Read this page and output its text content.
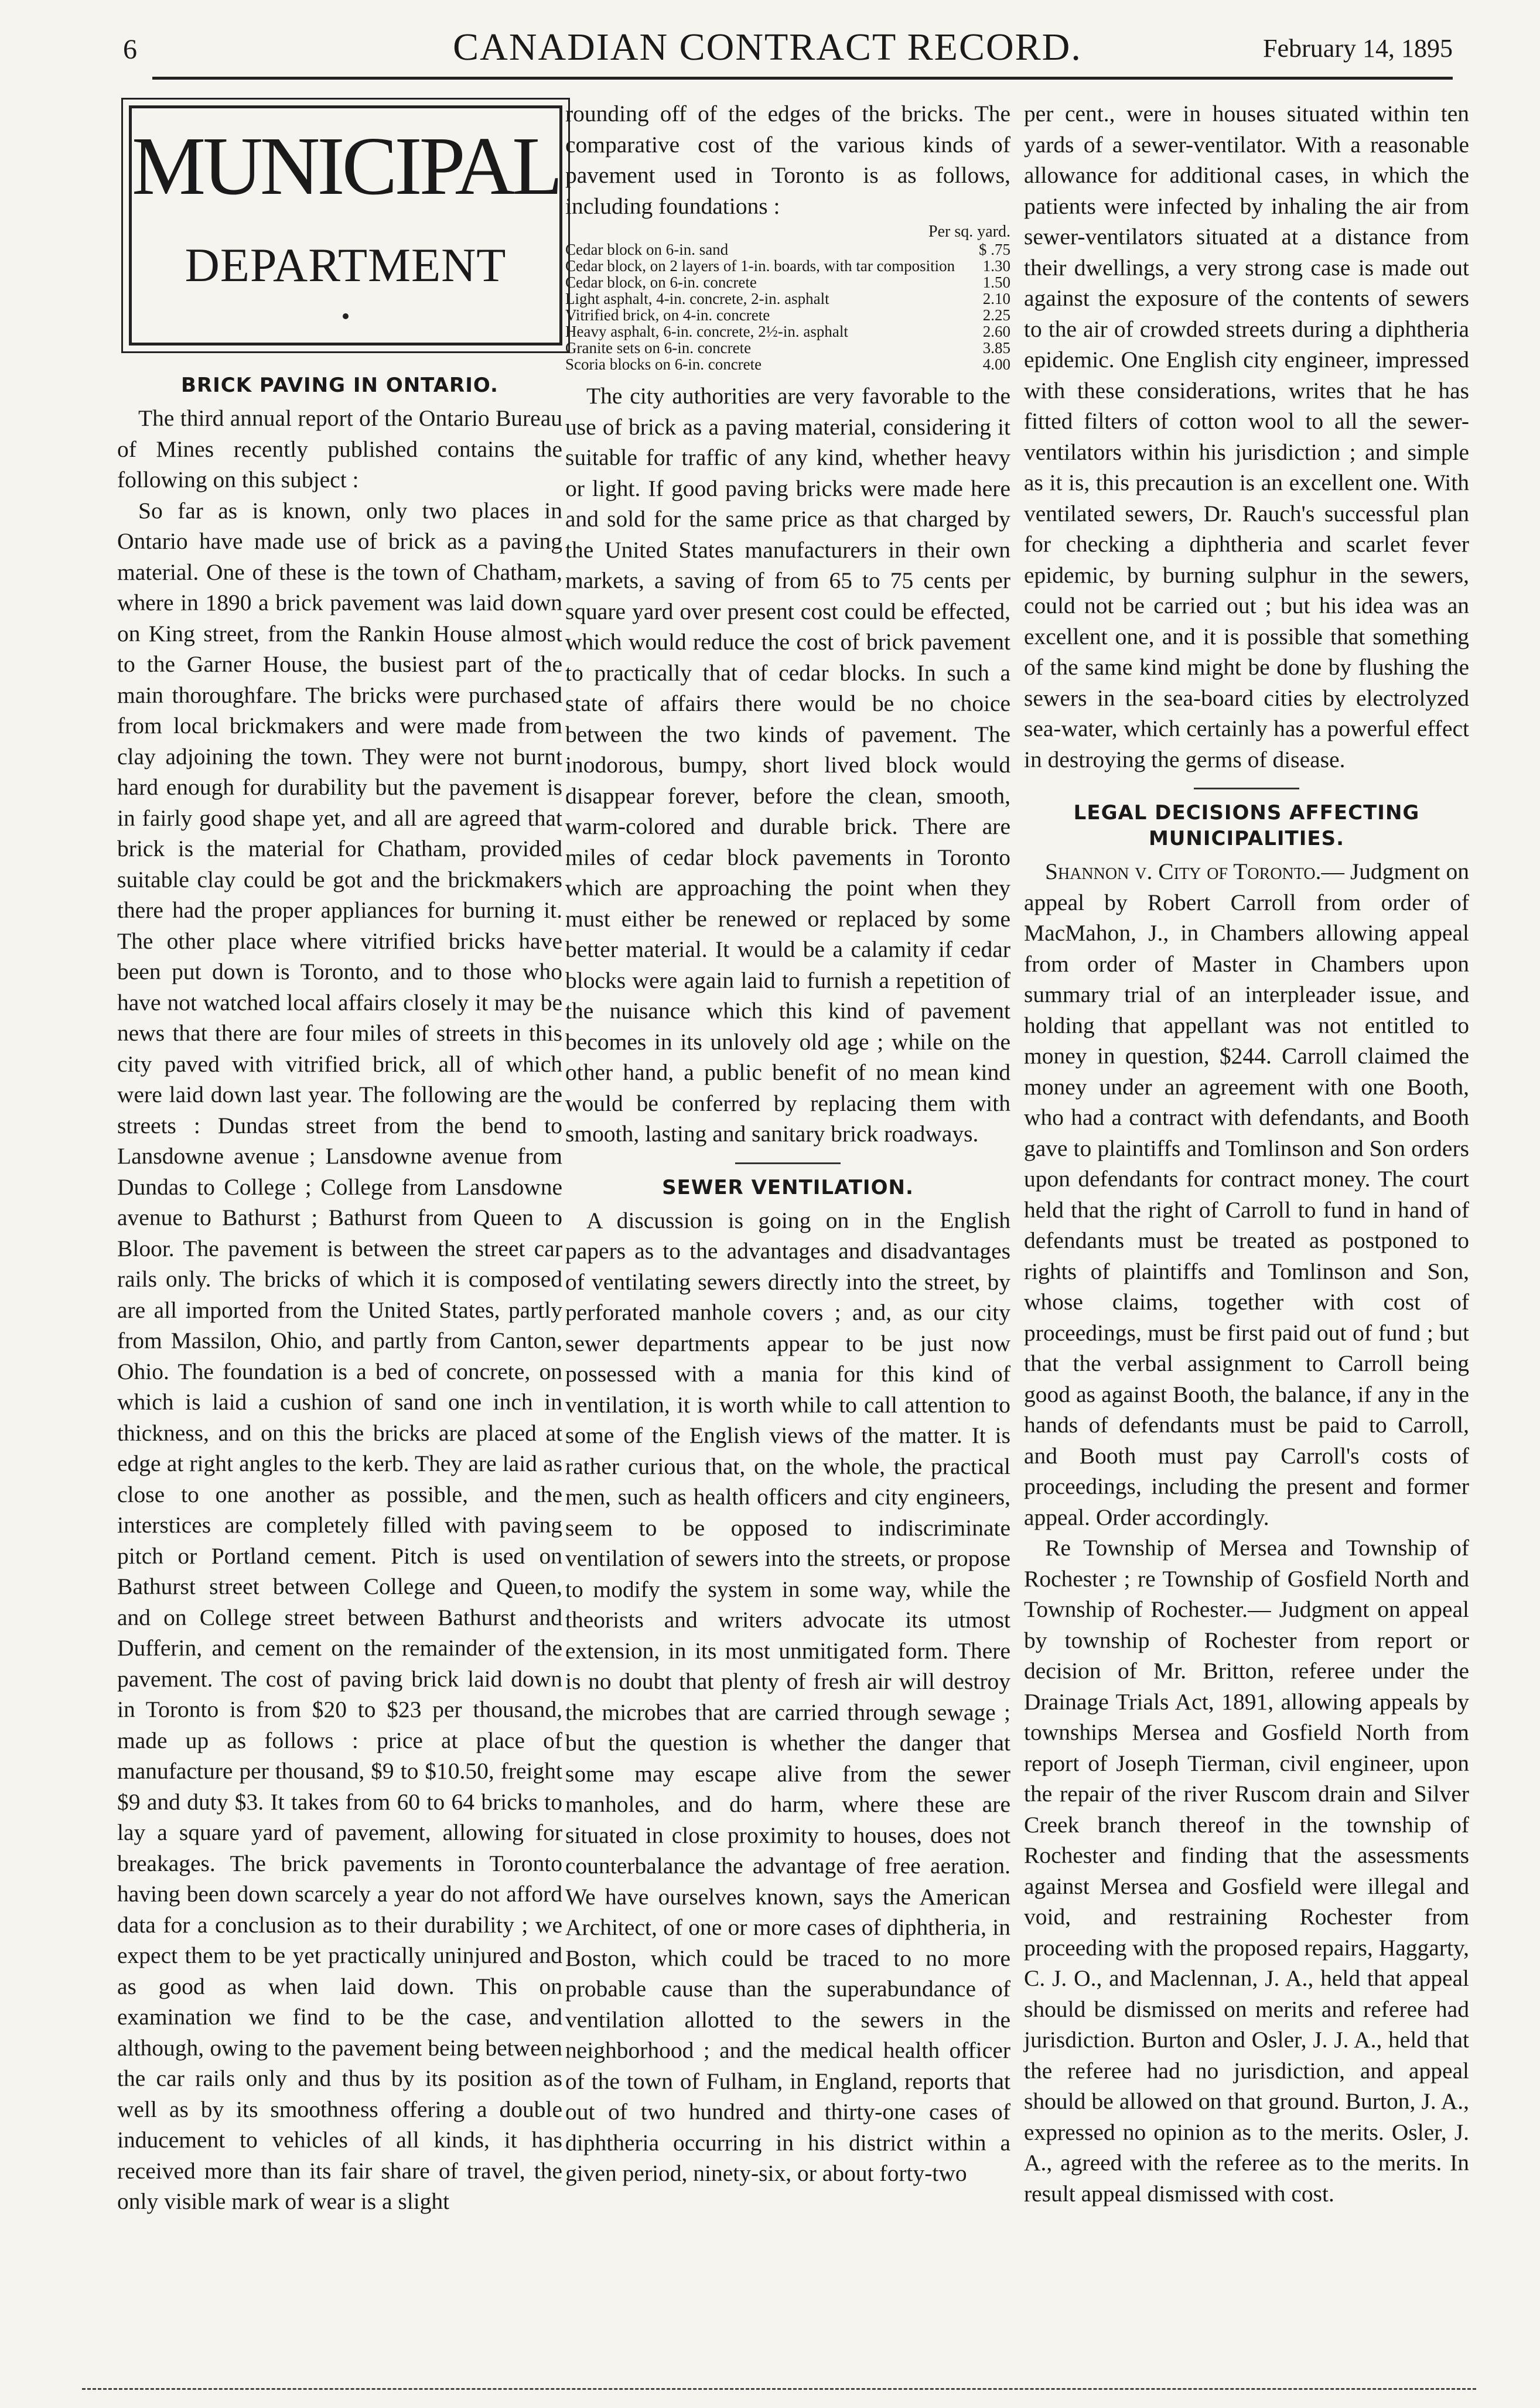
6	CANADIAN CONTRACT RECORD.	February 14, 1895
MUNICIPAL
DEPARTMENT
BRICK PAVING IN ONTARIO.

The third annual report of the Ontario Bureau of Mines recently published contains the following on this subject :

So far as is known, only two places in Ontario have made use of brick as a paving material. One of these is the town of Chatham, where in 1890 a brick pavement was laid down on King street, from the Rankin House almost to the Garner House, the busiest part of the main thoroughfare. The bricks were purchased from local brickmakers and were made from clay adjoining the town. They were not burnt hard enough for durability but the pavement is in fairly good shape yet, and all are agreed that brick is the material for Chatham, provided suitable clay could be got and the brickmakers there had the proper appliances for burning it. The other place where vitrified bricks have been put down is Toronto, and to those who have not watched local affairs closely it may be news that there are four miles of streets in this city paved with vitrified brick, all of which were laid down last year. The following are the streets : Dundas street from the bend to Lansdowne avenue ; Lansdowne avenue from Dundas to College ; College from Lansdowne avenue to Bathurst ; Bathurst from Queen to Bloor. The pavement is between the street car rails only. The bricks of which it is composed are all imported from the United States, partly from Massilon, Ohio, and partly from Canton, Ohio. The foundation is a bed of concrete, on which is laid a cushion of sand one inch in thickness, and on this the bricks are placed at edge at right angles to the kerb. They are laid as close to one another as possible, and the interstices are completely filled with paving pitch or Portland cement. Pitch is used on Bathurst street between College and Queen, and on College street between Bathurst and Dufferin, and cement on the remainder of the pavement. The cost of paving brick laid down in Toronto is from $20 to $23 per thousand, made up as follows : price at place of manufacture per thousand, $9 to $10.50, freight $9 and duty $3. It takes from 60 to 64 bricks to lay a square yard of pavement, allowing for breakages. The brick pavements in Toronto having been down scarcely a year do not afford data for a conclusion as to their durability ; we expect them to be yet practically uninjured and as good as when laid down. This on examination we find to be the case, and although, owing to the pavement being between the car rails only and thus by its position as well as by its smoothness offering a double inducement to vehicles of all kinds, it has received more than its fair share of travel, the only visible mark of wear is a slight

rounding off of the edges of the bricks. The comparative cost of the various kinds of pavement used in Toronto is as follows, including foundations :

Per sq. yard.
Cedar block on 6-in. sand	$ .75
Cedar block, on 2 layers of 1-in. boards, with tar composition	1.30
Cedar block, on 6-in. concrete	1.50
Light asphalt, 4-in. concrete, 2-in. asphalt	2.10
Vitrified brick, on 4-in. concrete	2.25
Heavy asphalt, 6-in. concrete, 2½-in. asphalt	2.60
Granite sets on 6-in. concrete	3.85
Scoria blocks on 6-in. concrete	4.00

The city authorities are very favorable to the use of brick as a paving material, considering it suitable for traffic of any kind, whether heavy or light. If good paving bricks were made here and sold for the same price as that charged by the United States manufacturers in their own markets, a saving of from 65 to 75 cents per square yard over present cost could be effected, which would reduce the cost of brick pavement to practically that of cedar blocks. In such a state of affairs there would be no choice between the two kinds of pavement. The inodorous, bumpy, short lived block would disappear forever, before the clean, smooth, warm-colored and durable brick. There are miles of cedar block pavements in Toronto which are approaching the point when they must either be renewed or replaced by some better material. It would be a calamity if cedar blocks were again laid to furnish a repetition of the nuisance which this kind of pavement becomes in its unlovely old age ; while on the other hand, a public benefit of no mean kind would be conferred by replacing them with smooth, lasting and sanitary brick roadways.

SEWER VENTILATION.

A discussion is going on in the English papers as to the advantages and disadvantages of ventilating sewers directly into the street, by perforated manhole covers ; and, as our city sewer departments appear to be just now possessed with a mania for this kind of ventilation, it is worth while to call attention to some of the English views of the matter. It is rather curious that, on the whole, the practical men, such as health officers and city engineers, seem to be opposed to indiscriminate ventilation of sewers into the streets, or propose to modify the system in some way, while the theorists and writers advocate its utmost extension, in its most unmitigated form. There is no doubt that plenty of fresh air will destroy the microbes that are carried through sewage ; but the question is whether the danger that some may escape alive from the sewer manholes, and do harm, where these are situated in close proximity to houses, does not counterbalance the advantage of free aeration. We have ourselves known, says the American Architect, of one or more cases of diphtheria, in Boston, which could be traced to no more probable cause than the superabundance of ventilation allotted to the sewers in the neighborhood ; and the medical health officer of the town of Fulham, in England, reports that out of two hundred and thirty-one cases of diphtheria occurring in his district within a given period, ninety-six, or about forty-two

per cent., were in houses situated within ten yards of a sewer-ventilator. With a reasonable allowance for additional cases, in which the patients were infected by inhaling the air from sewer-ventilators situated at a distance from their dwellings, a very strong case is made out against the exposure of the contents of sewers to the air of crowded streets during a diphtheria epidemic. One English city engineer, impressed with these considerations, writes that he has fitted filters of cotton wool to all the sewer-ventilators within his jurisdiction ; and simple as it is, this precaution is an excellent one. With ventilated sewers, Dr. Rauch's successful plan for checking a diphtheria and scarlet fever epidemic, by burning sulphur in the sewers, could not be carried out ; but his idea was an excellent one, and it is possible that something of the same kind might be done by flushing the sewers in the sea-board cities by electrolyzed sea-water, which certainly has a powerful effect in destroying the germs of disease.

LEGAL DECISIONS AFFECTING MUNICIPALITIES.

Shannon v. City of Toronto.— Judgment on appeal by Robert Carroll from order of MacMahon, J., in Chambers allowing appeal from order of Master in Chambers upon summary trial of an interpleader issue, and holding that appellant was not entitled to money in question, $244. Carroll claimed the money under an agreement with one Booth, who had a contract with defendants, and Booth gave to plaintiffs and Tomlinson and Son orders upon defendants for contract money. The court held that the right of Carroll to fund in hand of defendants must be treated as postponed to rights of plaintiffs and Tomlinson and Son, whose claims, together with cost of proceedings, must be first paid out of fund ; but that the verbal assignment to Carroll being good as against Booth, the balance, if any in the hands of defendants must be paid to Carroll, and Booth must pay Carroll's costs of proceedings, including the present and former appeal. Order accordingly.

Re Township of Mersea and Township of Rochester ; re Township of Gosfield North and Township of Rochester.— Judgment on appeal by township of Rochester from report or decision of Mr. Britton, referee under the Drainage Trials Act, 1891, allowing appeals by townships Mersea and Gosfield North from report of Joseph Tierman, civil engineer, upon the repair of the river Ruscom drain and Silver Creek branch thereof in the township of Rochester and finding that the assessments against Mersea and Gosfield were illegal and void, and restraining Rochester from proceeding with the proposed repairs, Haggarty, C. J. O., and Maclennan, J. A., held that appeal should be dismissed on merits and referee had jurisdiction. Burton and Osler, J. J. A., held that the referee had no jurisdiction, and appeal should be allowed on that ground. Burton, J. A., expressed no opinion as to the merits. Osler, J. A., agreed with the referee as to the merits. In result appeal dismissed with cost.
